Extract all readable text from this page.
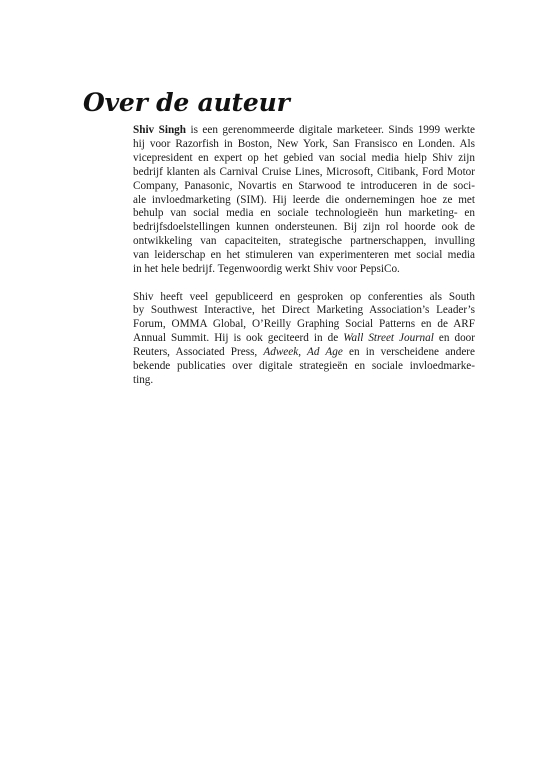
Over de auteur

Shiv Singh is een gerenommeerde digitale marketeer. Sinds 1999 werkte
hij voor Razorfish in Boston, New York, San Fransisco en Londen. Als
vicepresident en expert op het gebied van social media hielp Shiv zijn
bedrijf klanten als Carnival Cruise Lines, Microsoft, Citibank, Ford Motor
Company, Panasonic, Novartis en Starwood te introduceren in de soci-
ale invloedmarketing (SIM). Hij leerde die ondernemingen hoe ze met
behulp van social media en sociale technologieën hun marketing- en
bedrijfsdoelstellingen kunnen ondersteunen. Bij zijn rol hoorde ook de
ontwikkeling van capaciteiten, strategische partnerschappen, invulling
van leiderschap en het stimuleren van experimenteren met social media
in het hele bedrijf. Tegenwoordig werkt Shiv voor PepsiCo.

Shiv heeft veel gepubliceerd en gesproken op conferenties als South
by Southwest Interactive, het Direct Marketing Association’s Leader’s
Forum, OMMA Global, O’Reilly Graphing Social Patterns en de ARF
Annual Summit. Hij is ook geciteerd in de Wall Street Journal en door
Reuters, Associated Press, Adweek, Ad Age en in verscheidene andere
bekende publicaties over digitale strategieën en sociale invloedmarke-
ting.
